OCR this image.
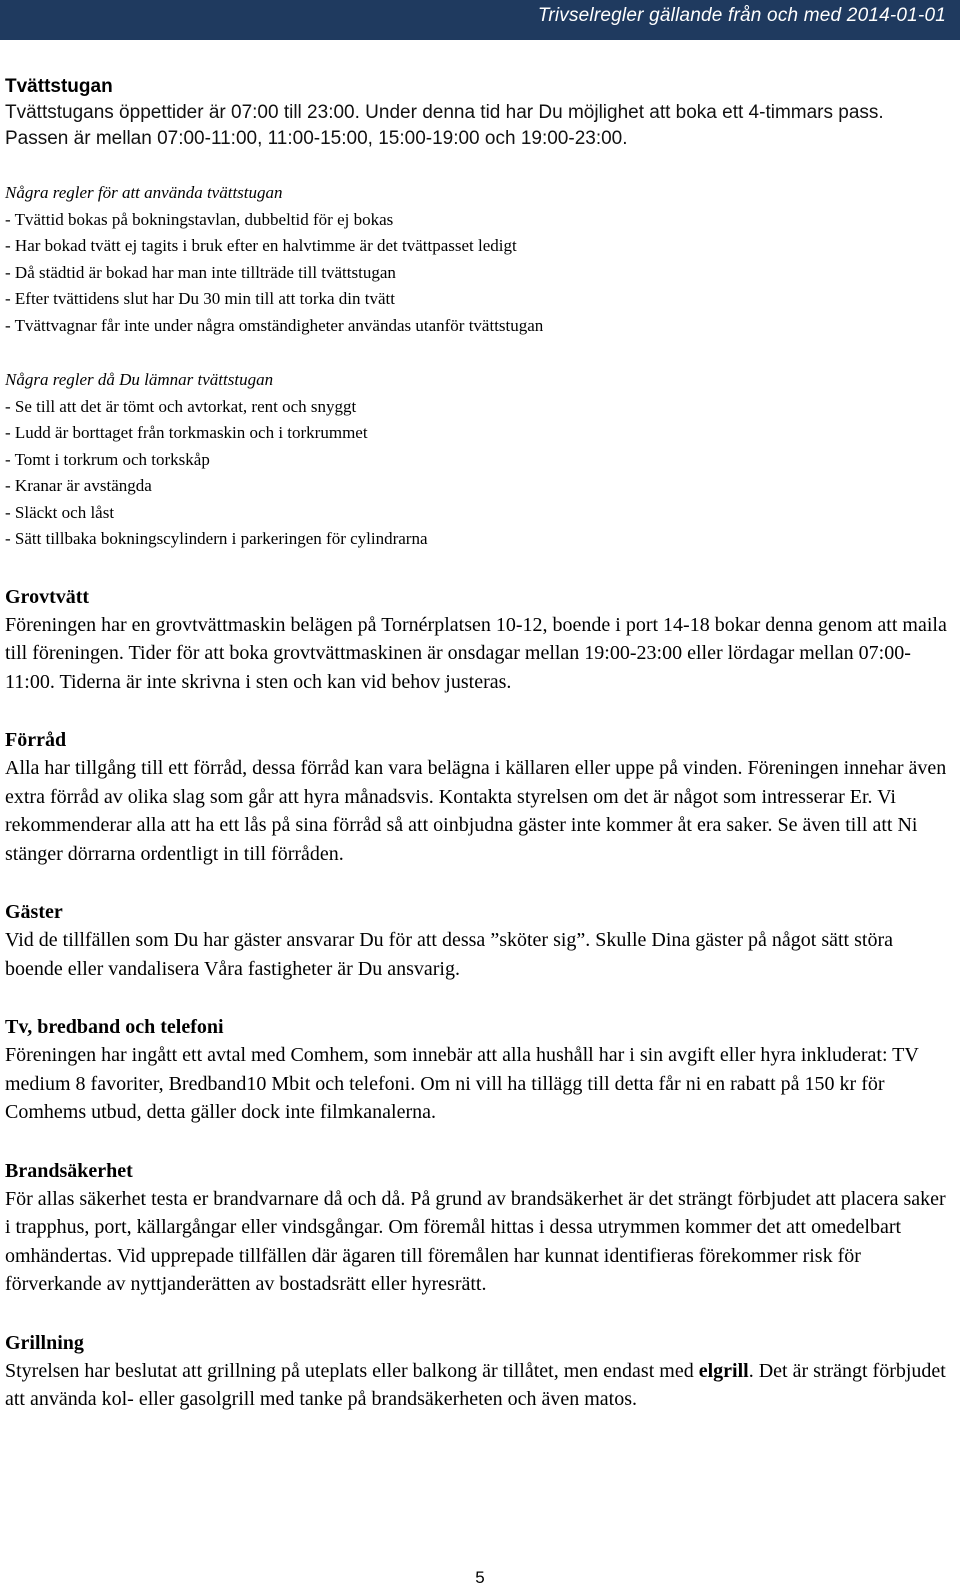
Trivselregler gällande från och med 2014-01-01
Tvättstugan

Tvättstugans öppettider är 07:00 till 23:00. Under denna tid har Du möjlighet att boka ett 4-timmars pass. Passen är mellan 07:00-11:00, 11:00-15:00, 15:00-19:00 och 19:00-23:00.

Några regler för att använda tvättstugan
- Tvättid bokas på bokningstavlan, dubbeltid för ej bokas
- Har bokad tvätt ej tagits i bruk efter en halvtimme är det tvättpasset ledigt
- Då städtid är bokad har man inte tillträde till tvättstugan
- Efter tvättidens slut har Du 30 min till att torka din tvätt
- Tvättvagnar får inte under några omständigheter användas utanför tvättstugan
Några regler då Du lämnar tvättstugan
- Se till att det är tömt och avtorkat, rent och snyggt
- Ludd är borttaget från torkmaskin och i torkrummet
- Tomt i torkrum och torkskåp
- Kranar är avstängda
- Släckt och låst
- Sätt tillbaka bokningscylindern i parkeringen för cylindrarna
Grovtvätt

Föreningen har en grovtvättmaskin belägen på Tornérplatsen 10-12, boende i port 14-18 bokar denna genom att maila till föreningen. Tider för att boka grovtvättmaskinen är onsdagar mellan 19:00-23:00 eller lördagar mellan 07:00-11:00. Tiderna är inte skrivna i sten och kan vid behov justeras.

Förråd

Alla har tillgång till ett förråd, dessa förråd kan vara belägna i källaren eller uppe på vinden. Föreningen innehar även extra förråd av olika slag som går att hyra månadsvis. Kontakta styrelsen om det är något som intresserar Er. Vi rekommenderar alla att ha ett lås på sina förråd så att oinbjudna gäster inte kommer åt era saker. Se även till att Ni stänger dörrarna ordentligt in till förråden.

Gäster

Vid de tillfällen som Du har gäster ansvarar Du för att dessa ”sköter sig”. Skulle Dina gäster på något sätt störa boende eller vandalisera Våra fastigheter är Du ansvarig.

Tv, bredband och telefoni

Föreningen har ingått ett avtal med Comhem, som innebär att alla hushåll har i sin avgift eller hyra inkluderat: TV medium 8 favoriter, Bredband10 Mbit och telefoni. Om ni vill ha tillägg till detta får ni en rabatt på 150 kr för Comhems utbud, detta gäller dock inte filmkanalerna.

Brandsäkerhet

För allas säkerhet testa er brandvarnare då och då. På grund av brandsäkerhet är det strängt förbjudet att placera saker i trapphus, port, källargångar eller vindsgångar. Om föremål hittas i dessa utrymmen kommer det att omedelbart omhändertas. Vid upprepade tillfällen där ägaren till föremålen har kunnat identifieras förekommer risk för förverkande av nyttjanderätten av bostadsrätt eller hyresrätt.

Grillning

Styrelsen har beslutat att grillning på uteplats eller balkong är tillåtet, men endast med elgrill. Det är strängt förbjudet att använda kol- eller gasolgrill med tanke på brandsäkerheten och även matos.

5
